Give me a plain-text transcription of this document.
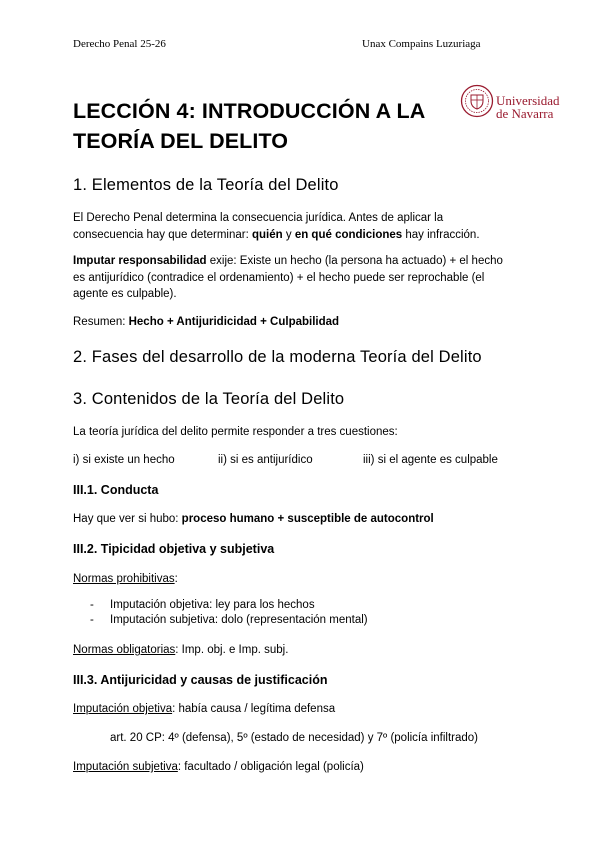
Derecho Penal 25-26	Unax Compains Luzuriaga
LECCIÓN 4: INTRODUCCIÓN A LA
TEORÍA DEL DELITO
Universidad
de Navarra
1. Elementos de la Teoría del Delito
El Derecho Penal determina la consecuencia jurídica. Antes de aplicar la
consecuencia hay que determinar: quién y en qué condiciones hay infracción.
Imputar responsabilidad exije: Existe un hecho (la persona ha actuado) + el hecho
es antijurídico (contradice el ordenamiento) + el hecho puede ser reprochable (el
agente es culpable).
Resumen: Hecho + Antijuridicidad + Culpabilidad
2. Fases del desarrollo de la moderna Teoría del Delito
3. Contenidos de la Teoría del Delito
La teoría jurídica del delito permite responder a tres cuestiones:
i) si existe un hecho	ii) si es antijurídico	iii) si el agente es culpable
III.1. Conducta
Hay que ver si hubo: proceso humano + susceptible de autocontrol
III.2. Tipicidad objetiva y subjetiva
Normas prohibitivas:
- Imputación objetiva: ley para los hechos
- Imputación subjetiva: dolo (representación mental)
Normas obligatorias: Imp. obj. e Imp. subj.
III.3. Antijuricidad y causas de justificación
Imputación objetiva: había causa / legítima defensa
art. 20 CP: 4º (defensa), 5º (estado de necesidad) y 7º (policía infiltrado)
Imputación subjetiva: facultado / obligación legal (policía)
